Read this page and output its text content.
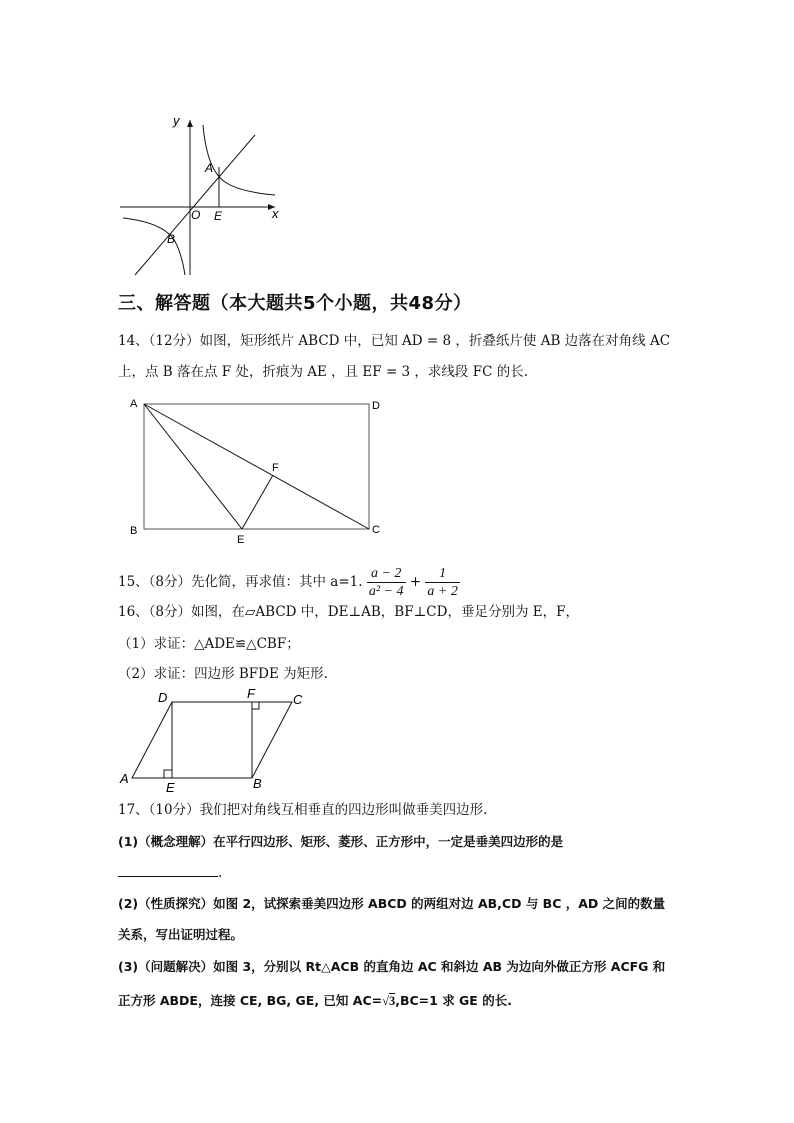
y
x
O
A
E
B
三、解答题（本大题共5个小题，共48分）
14、（12分）如图，矩形纸片 ABCD 中，已知 AD = 8 ，折叠纸片使 AB 边落在对角线 AC
上，点 B 落在点 F 处，折痕为 AE ，且 EF = 3 ，求线段 FC 的长.
A	D
F
B
E
C
15、（8分）先化简，再求值：其中 a=1. $\frac{a - 2}{\text{a² − 4}} + \frac{1}{a + 2}$
16、（8分）如图，在▱ABCD 中，DE⊥AB，BF⊥CD，垂足分别为 E，F，
（1）求证：△ADE≌△CBF；
（2）求证：四边形 BFDE 为矩形.
D	F	C
A
E	B
17、（10分）我们把对角线互相垂直的四边形叫做垂美四边形.
(1)（概念理解）在平行四边形、矩形、菱形、正方形中，一定是垂美四边形的是
.
(2)（性质探究）如图 2，试探索垂美四边形 ABCD 的两组对边 AB,CD 与 BC ，AD 之间的数量
关系，写出证明过程。
(3)（问题解决）如图 3，分别以 Rt△ACB 的直角边 AC 和斜边 AB 为边向外做正方形 ACFG 和
正方形 ABDE，连接 CE, BG, GE, 已知 AC=√3,BC=1 求 GE 的长.
